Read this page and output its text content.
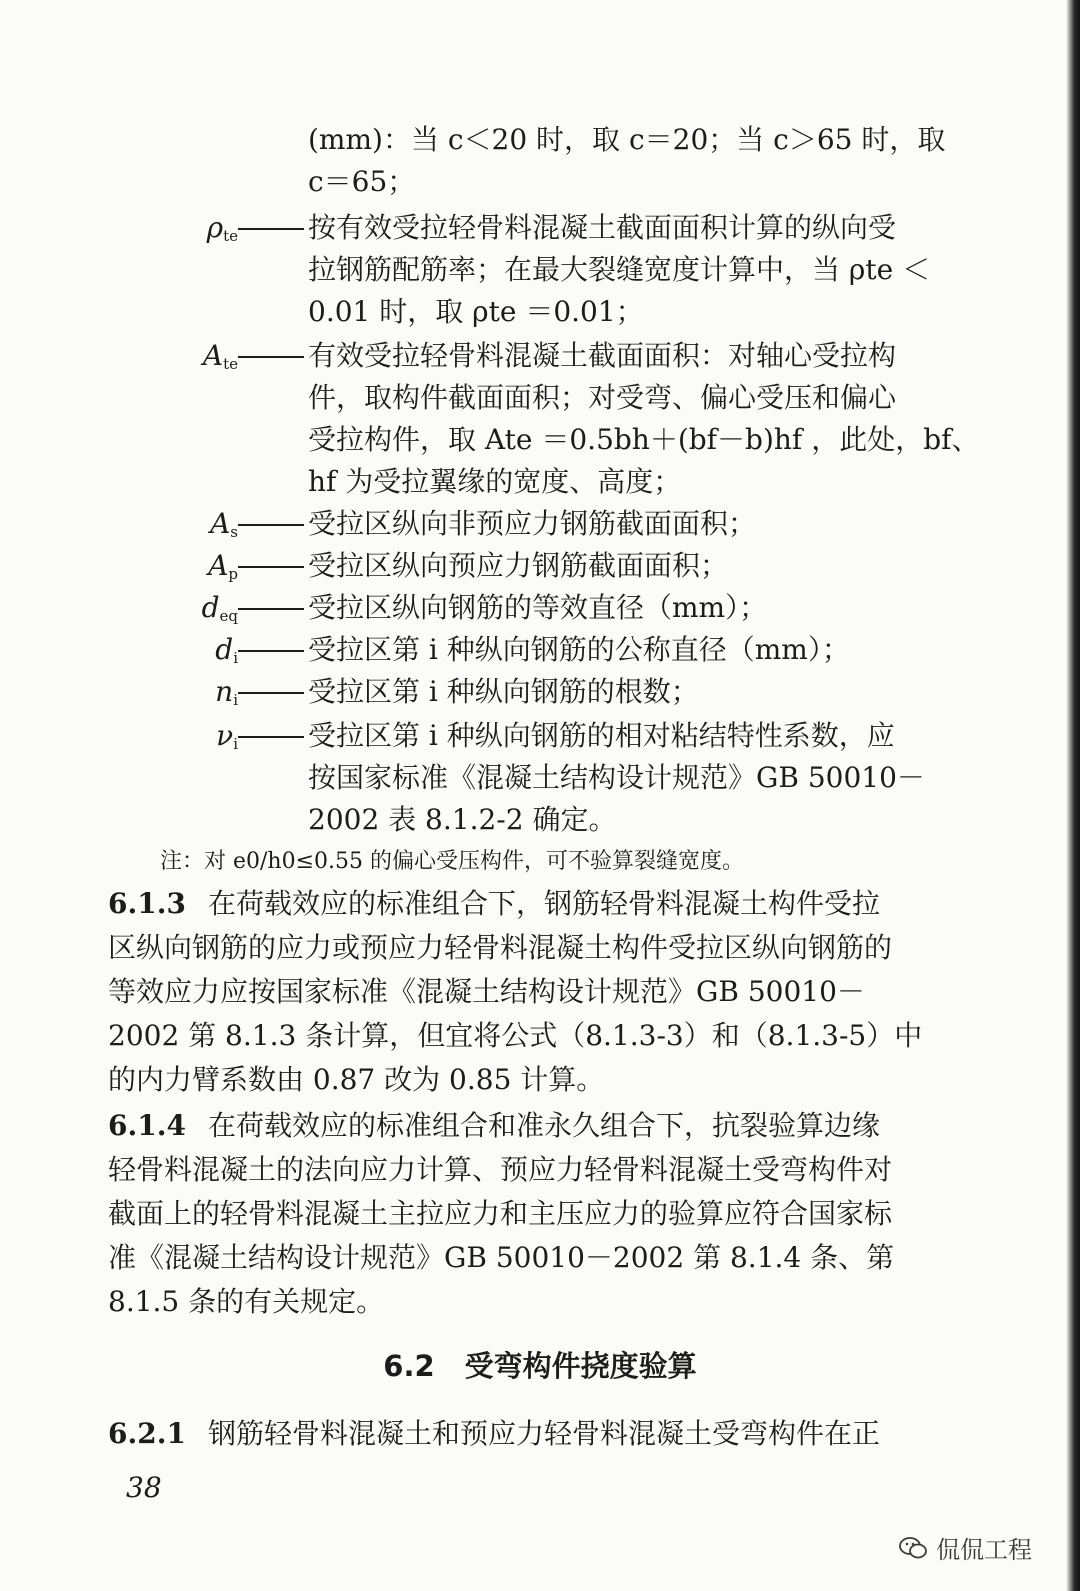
(mm)：当 c＜20 时，取 c＝20；当 c＞65 时，取
c＝65；
$\rho_{te}$	按有效受拉轻骨料混凝土截面面积计算的纵向受
拉钢筋配筋率；在最大裂缝宽度计算中，当 ρte ＜
0.01 时，取 ρte ＝0.01；
$A_{te}$	有效受拉轻骨料混凝土截面面积：对轴心受拉构
件，取构件截面面积；对受弯、偏心受压和偏心
受拉构件，取 Ate ＝0.5bh＋(bf－b)hf ，此处，bf、
hf 为受拉翼缘的宽度、高度；
$A_s$	受拉区纵向非预应力钢筋截面面积；
$A_p$	受拉区纵向预应力钢筋截面面积；
$d_{eq}$	受拉区纵向钢筋的等效直径（mm）；
$d_i$	受拉区第 i 种纵向钢筋的公称直径（mm）；
$n_i$	受拉区第 i 种纵向钢筋的根数；
$\nu_i$	受拉区第 i 种纵向钢筋的相对粘结特性系数，应
按国家标准《混凝土结构设计规范》GB 50010－
2002 表 8.1.2-2 确定。
注：对 e0/h0≤0.55 的偏心受压构件，可不验算裂缝宽度。
6.1.3 在荷载效应的标准组合下，钢筋轻骨料混凝土构件受拉
区纵向钢筋的应力或预应力轻骨料混凝土构件受拉区纵向钢筋的
等效应力应按国家标准《混凝土结构设计规范》GB 50010－
2002 第 8.1.3 条计算，但宜将公式（8.1.3-3）和（8.1.3-5）中
的内力臂系数由 0.87 改为 0.85 计算。
6.1.4 在荷载效应的标准组合和准永久组合下，抗裂验算边缘
轻骨料混凝土的法向应力计算、预应力轻骨料混凝土受弯构件对
截面上的轻骨料混凝土主拉应力和主压应力的验算应符合国家标
准《混凝土结构设计规范》GB 50010－2002 第 8.1.4 条、第
8.1.5 条的有关规定。
6.2 受弯构件挠度验算
6.2.1 钢筋轻骨料混凝土和预应力轻骨料混凝土受弯构件在正
38
侃侃工程
